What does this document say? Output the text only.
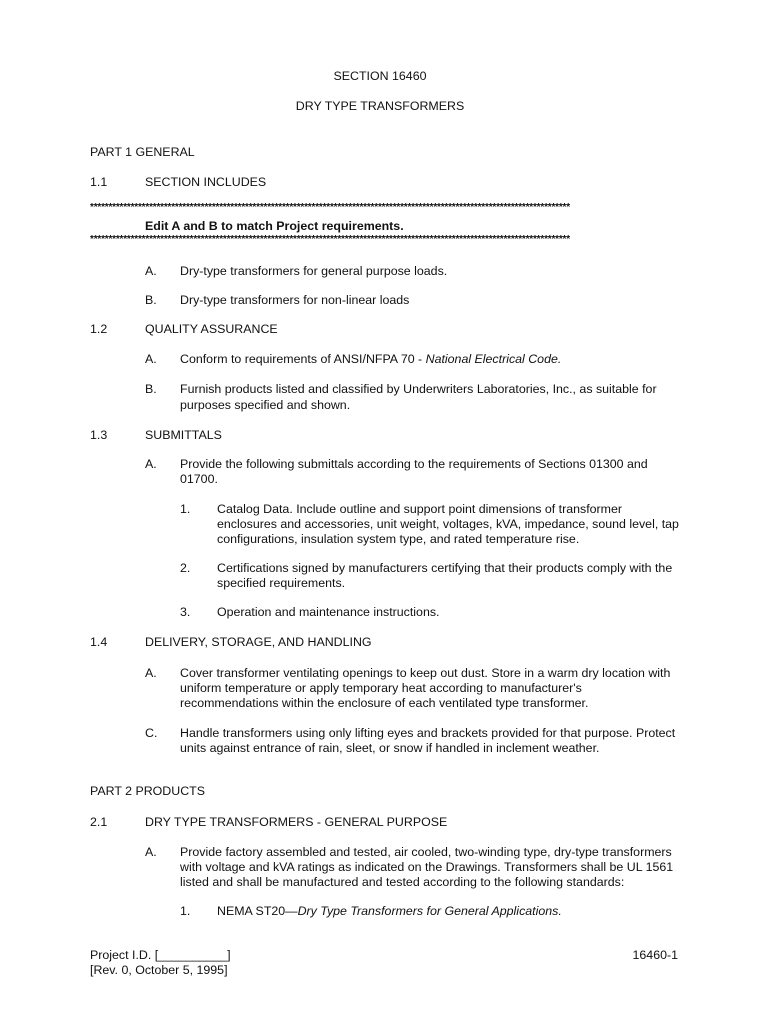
SECTION 16460
DRY TYPE TRANSFORMERS
PART 1 GENERAL
1.1	SECTION INCLUDES
**********************************************************************************************************************************
Edit A and B to match Project requirements.
**********************************************************************************************************************************
A. Dry-type transformers for general purpose loads.
B. Dry-type transformers for non-linear loads
1.2	QUALITY ASSURANCE
A. Conform to requirements of ANSI/NFPA 70 - National Electrical Code.
B. Furnish products listed and classified by Underwriters Laboratories, Inc., as suitable for
purposes specified and shown.
1.3	SUBMITTALS
A. Provide the following submittals according to the requirements of Sections 01300 and
01700.
1. Catalog Data. Include outline and support point dimensions of transformer
enclosures and accessories, unit weight, voltages, kVA, impedance, sound level, tap
configurations, insulation system type, and rated temperature rise.
2. Certifications signed by manufacturers certifying that their products comply with the
specified requirements.
3. Operation and maintenance instructions.
1.4	DELIVERY, STORAGE, AND HANDLING
A. Cover transformer ventilating openings to keep out dust. Store in a warm dry location with
uniform temperature or apply temporary heat according to manufacturer's
recommendations within the enclosure of each ventilated type transformer.
C. Handle transformers using only lifting eyes and brackets provided for that purpose. Protect
units against entrance of rain, sleet, or snow if handled in inclement weather.
PART 2 PRODUCTS
2.1	DRY TYPE TRANSFORMERS - GENERAL PURPOSE
A. Provide factory assembled and tested, air cooled, two-winding type, dry-type transformers
with voltage and kVA ratings as indicated on the Drawings. Transformers shall be UL 1561
listed and shall be manufactured and tested according to the following standards:
1. NEMA ST20—Dry Type Transformers for General Applications.
Project I.D. [__________]
[Rev. 0, October 5, 1995]
16460-1
